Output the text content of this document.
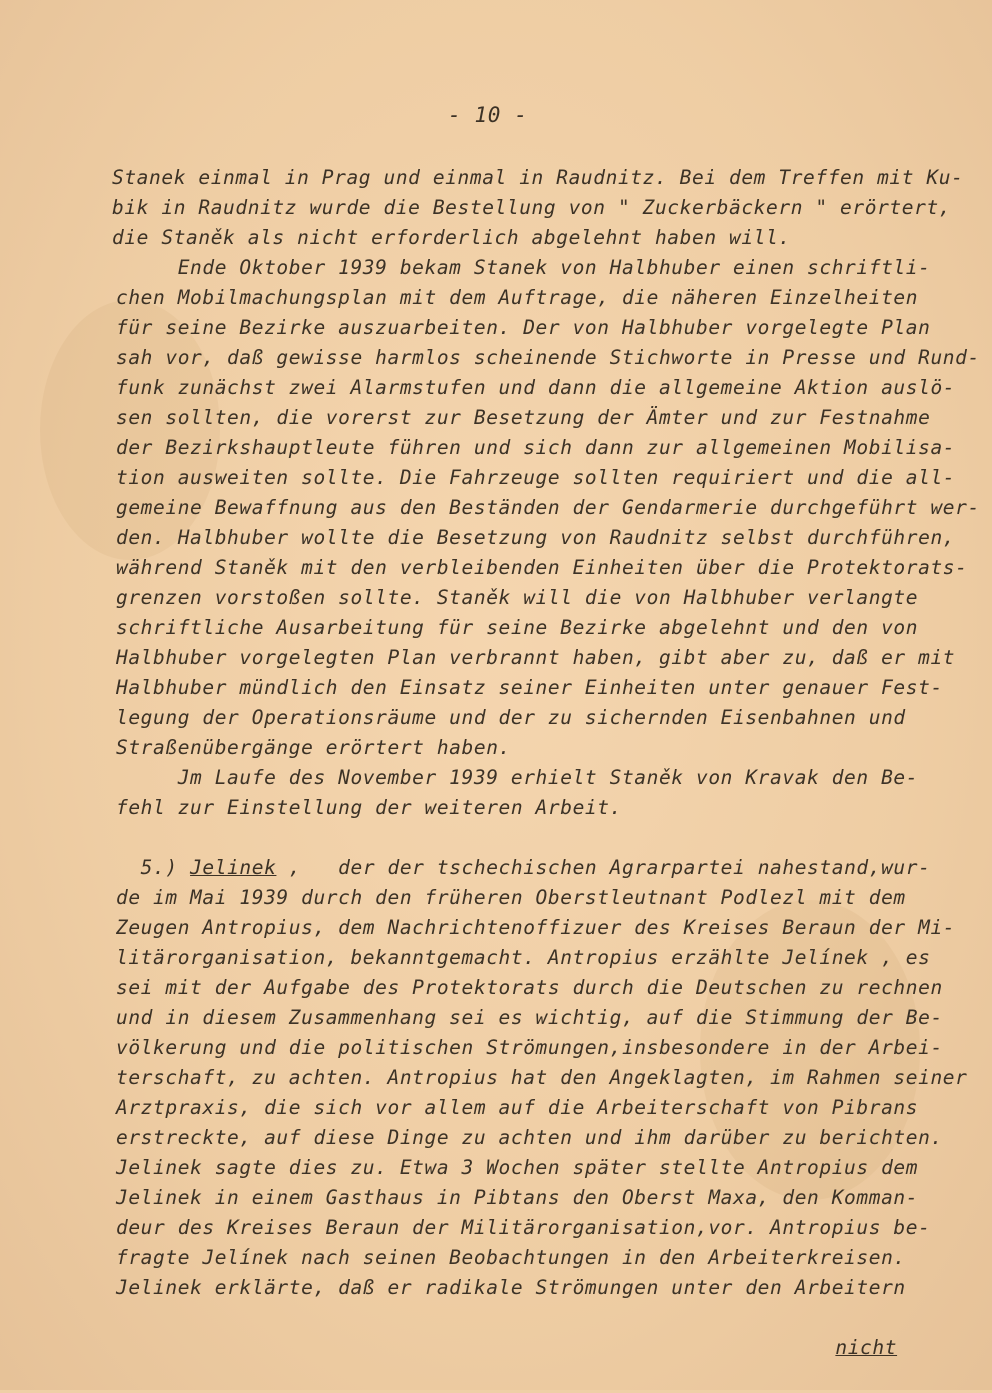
- 10 -

Stanek einmal in Prag und einmal in Raudnitz. Bei dem Treffen mit Ku-

bik in Raudnitz wurde die Bestellung von " Zuckerbäckern " erörtert,

die Staněk als nicht erforderlich abgelehnt haben will.

Ende Oktober 1939 bekam Stanek von Halbhuber einen schriftli-

chen Mobilmachungsplan mit dem Auftrage, die näheren Einzelheiten

für seine Bezirke auszuarbeiten. Der von Halbhuber vorgelegte Plan

sah vor, daß gewisse harmlos scheinende Stichworte in Presse und Rund-

funk zunächst zwei Alarmstufen und dann die allgemeine Aktion auslö-

sen sollten, die vorerst zur Besetzung der Ämter und zur Festnahme

der Bezirkshauptleute führen und sich dann zur allgemeinen Mobilisa-

tion ausweiten sollte. Die Fahrzeuge sollten requiriert und die all-

gemeine Bewaffnung aus den Beständen der Gendarmerie durchgeführt wer-

den. Halbhuber wollte die Besetzung von Raudnitz selbst durchführen,

während Staněk mit den verbleibenden Einheiten über die Protektorats-

grenzen vorstoßen sollte. Staněk will die von Halbhuber verlangte

schriftliche Ausarbeitung für seine Bezirke abgelehnt und den von

Halbhuber vorgelegten Plan verbrannt haben, gibt aber zu, daß er mit

Halbhuber mündlich den Einsatz seiner Einheiten unter genauer Fest-

legung der Operationsräume und der zu sichernden Eisenbahnen und

Straßenübergänge erörtert haben.

Jm Laufe des November 1939 erhielt Staněk von Kravak den Be-

fehl zur Einstellung der weiteren Arbeit.

5.) Jelinek ,   der der tschechischen Agrarpartei nahestand,wur-

de im Mai 1939 durch den früheren Oberstleutnant Podlezl mit dem

Zeugen Antropius, dem Nachrichtenoffizuer des Kreises Beraun der Mi-

litärorganisation, bekanntgemacht. Antropius erzählte Jelínek , es

sei mit der Aufgabe des Protektorats durch die Deutschen zu rechnen

und in diesem Zusammenhang sei es wichtig, auf die Stimmung der Be-

völkerung und die politischen Strömungen,insbesondere in der Arbei-

terschaft, zu achten. Antropius hat den Angeklagten, im Rahmen seiner

Arztpraxis, die sich vor allem auf die Arbeiterschaft von Pibrans

erstreckte, auf diese Dinge zu achten und ihm darüber zu berichten.

Jelinek sagte dies zu. Etwa 3 Wochen später stellte Antropius dem

Jelinek in einem Gasthaus in Pibtans den Oberst Maxa, den Komman-

deur des Kreises Beraun der Militärorganisation,vor. Antropius be-

fragte Jelínek nach seinen Beobachtungen in den Arbeiterkreisen.

Jelinek erklärte, daß er radikale Strömungen unter den Arbeitern

nicht
